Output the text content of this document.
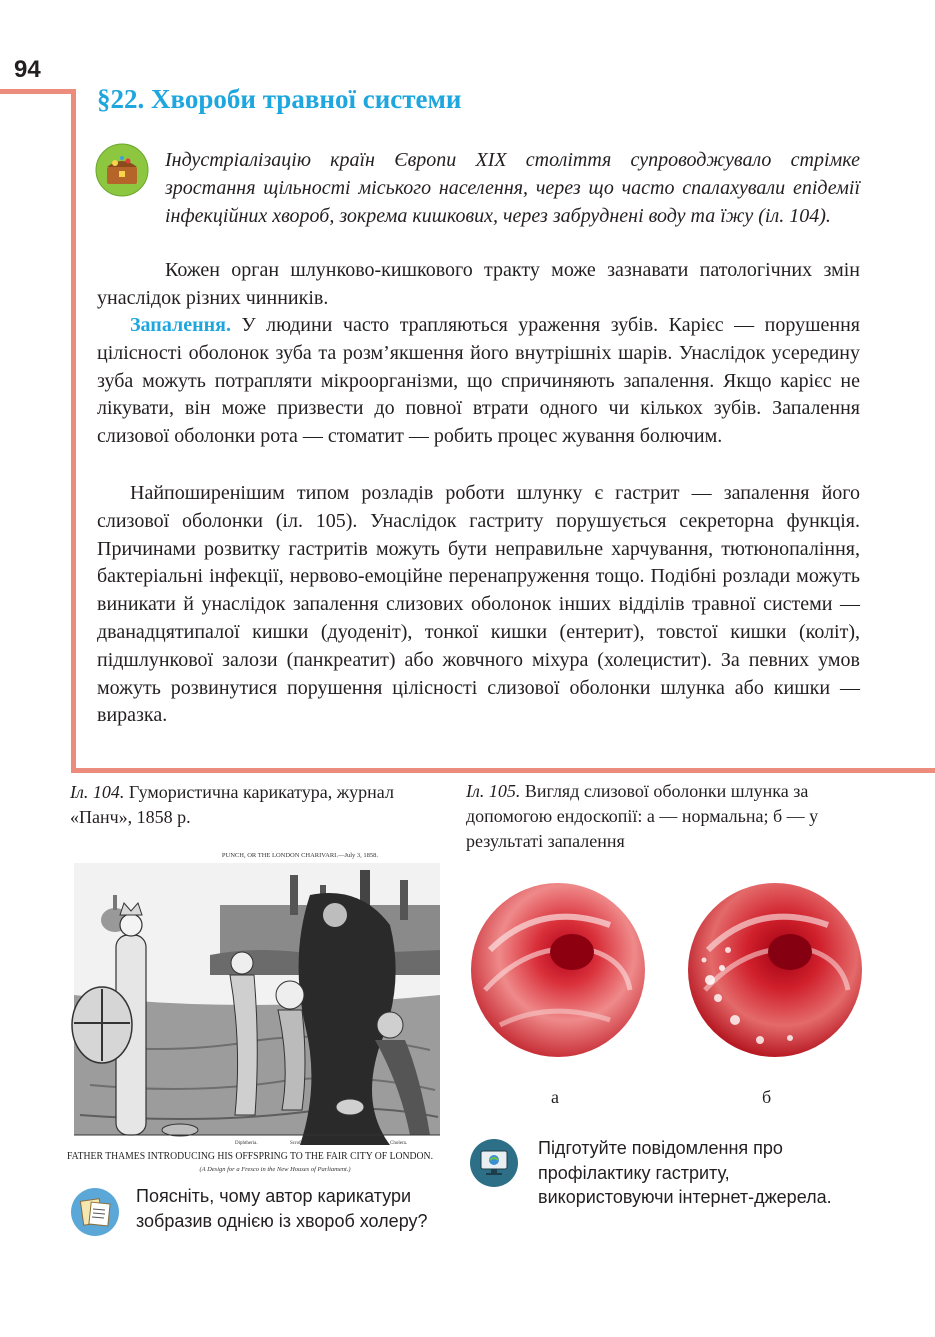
94
§22. Хвороби травної системи

Індустріалізацію країн Європи XIX століття супроводжувало стрімке зростання щільності міського населення, через що часто спалахували епідемії інфекційних хвороб, зокрема кишкових, через забруднені воду та їжу (іл. 104).

Кожен орган шлунково-кишкового тракту може зазнавати патологічних змін унаслідок різних чинників.

Запалення. У людини часто трапляються ураження зубів. Карієс — порушення цілісності оболонок зуба та розм’якшення його внутрішніх шарів. Унаслідок усередину зуба можуть потрапляти мікроорганізми, що спричиняють запалення. Якщо карієс не лікувати, він може призвести до повної втрати одного чи кількох зубів. Запалення слизової оболонки рота — стоматит — робить процес жування болючим.

Найпоширенішим типом розладів роботи шлунку є гастрит — запалення його слизової оболонки (іл. 105). Унаслідок гастриту порушується секреторна функція. Причинами розвитку гастритів можуть бути неправильне харчування, тютюнопаління, бактеріальні інфекції, нервово-емоційне перенапруження тощо. Подібні розлади можуть виникати й унаслідок запалення слизових оболонок інших відділів травної системи — дванадцятипалої кишки (дуоденіт), тонкої кишки (ентерит), товстої кишки (коліт), підшлункової залози (панкреатит) або жовчного міхура (холецистит). За певних умов можуть розвинутися порушення цілісності слизової оболонки шлунка або кишки — виразка.

Іл. 104. Гумористична карикатура, журнал «Панч», 1858 р.

Іл. 105. Вигляд слизової оболонки шлунка за допомогою ендоскопії: а — нормальна; б — у результаті запалення

PUNCH, OR THE LONDON CHARIVARI.—July 3, 1858.
Diphtheria.	Scrofula.	Cholera.
FATHER THAMES INTRODUCING HIS OFFSPRING TO THE FAIR CITY OF LONDON.
(A Design for a Fresco in the New Houses of Parliament.)
а	б

Поясніть, чому автор карикатури зобразив однією із хвороб холеру?

Підготуйте повідомлення про профілактику гастриту, використовуючи інтернет-джерела.
